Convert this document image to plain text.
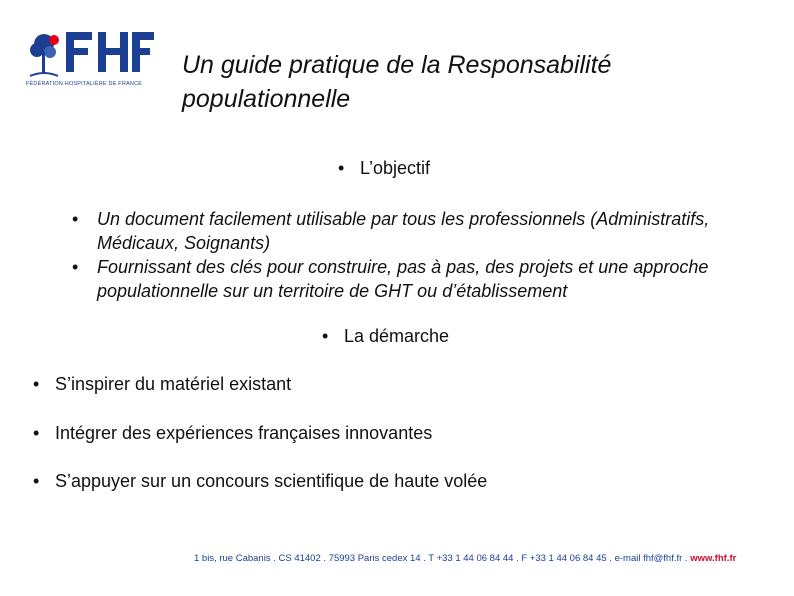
FÉDÉRATION HOSPITALIÈRE DE FRANCE
Un guide pratique de la Responsabilité populationnelle
• L’objectif
• Un document facilement utilisable par tous les professionnels (Administratifs, Médicaux, Soignants)
• Fournissant des clés pour construire, pas à pas, des projets et une approche populationnelle sur un territoire de GHT ou d’établissement
• La démarche
• S’inspirer du matériel existant
• Intégrer des expériences françaises innovantes
• S’appuyer sur un concours scientifique de haute volée
1 bis, rue Cabanis . CS 41402 . 75993 Paris cedex 14 . T +33 1 44 06 84 44 . F +33 1 44 06 84 45 . e-mail fhf@fhf.fr . www.fhf.fr
